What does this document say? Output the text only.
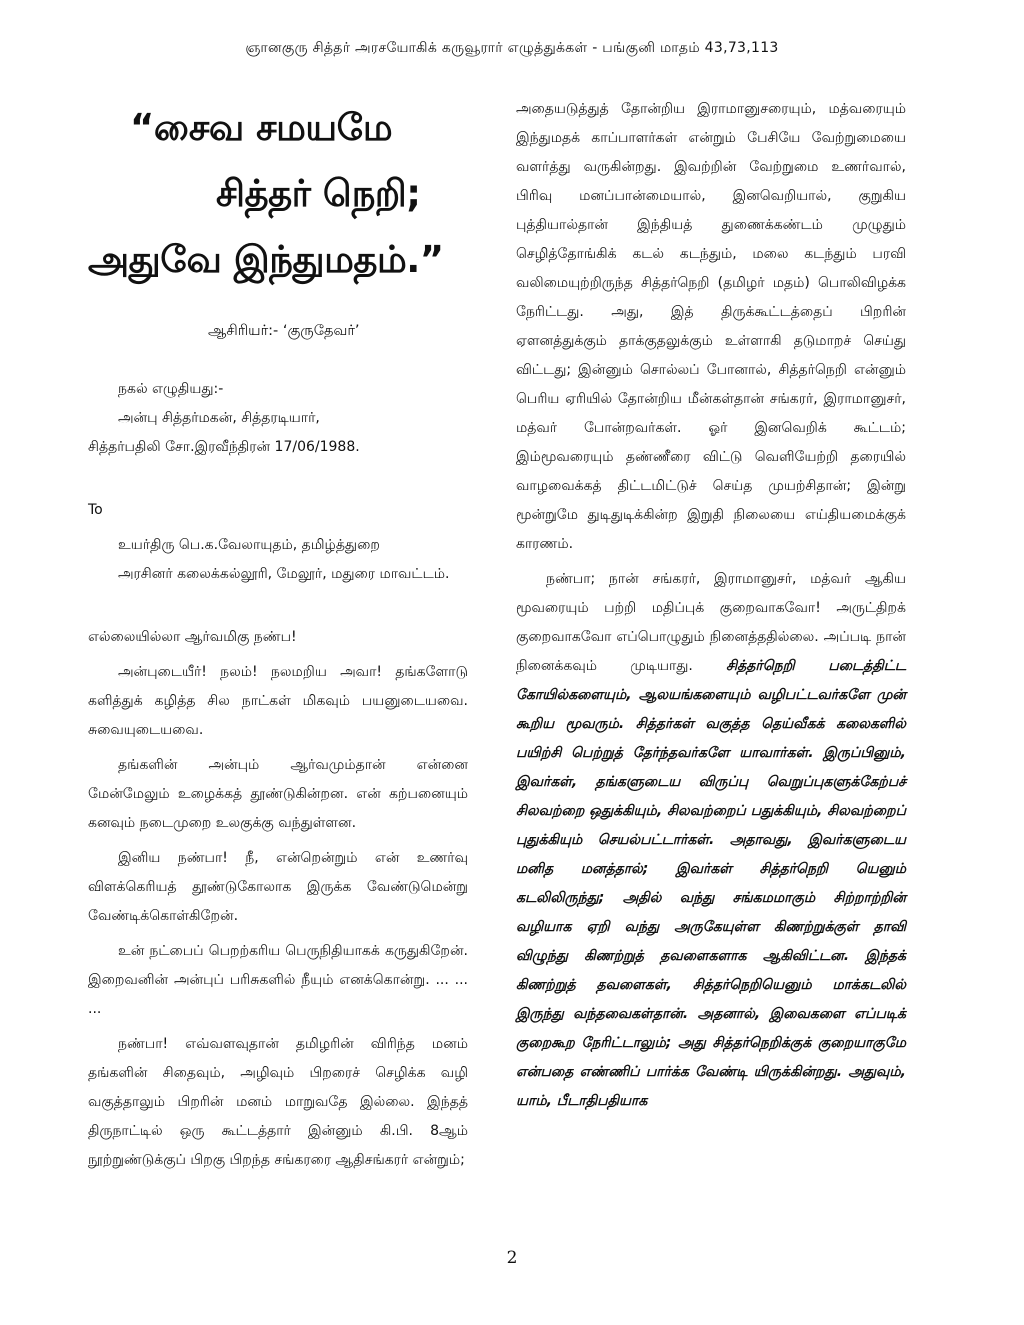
ஞானகுரு சித்தர் அரசயோகிக் கருவூரார் எழுத்துக்கள் - பங்குனி மாதம் 43,73,113
“சைவ சமயமே
சித்தர் நெறி;
அதுவே இந்துமதம்.”
ஆசிரியர்:- ‘குருதேவர்’

நகல் எழுதியது:-

அன்பு சித்தர்மகன், சித்தரடியார்,

சித்தர்பதிலி சோ.இரவீந்திரன் 17/06/1988.

To

உயர்திரு பெ.க.வேலாயுதம், தமிழ்த்துறை

அரசினர் கலைக்கல்லூரி, மேலூர், மதுரை மாவட்டம்.

எல்லையில்லா ஆர்வமிகு நண்ப!

அன்புடையீர்! நலம்! நலமறிய அவா! தங்களோடு களித்துக் கழித்த சில நாட்கள் மிகவும் பயனுடையவை. சுவையுடையவை.

தங்களின் அன்பும் ஆர்வமும்தான் என்னை மேன்மேலும் உழைக்கத் தூண்டுகின்றன. என் கற்பனையும் கனவும் நடைமுறை உலகுக்கு வந்துள்ளன.

இனிய நண்பா! நீ, என்றென்றும் என் உணர்வு விளக்கெரியத் தூண்டுகோலாக இருக்க வேண்டுமென்று வேண்டிக்கொள்கிறேன்.

உன் நட்பைப் பெறற்கரிய பெருநிதியாகக் கருதுகிறேன். இறைவனின் அன்புப் பரிசுகளில் நீயும் எனக்கொன்று. ... ... ...

நண்பா! எவ்வளவுதான் தமிழரின் விரிந்த மனம் தங்களின் சிதைவும், அழிவும் பிறரைச் செழிக்க வழி வகுத்தாலும் பிறரின் மனம் மாறுவதே இல்லை. இந்தத் திருநாட்டில் ஒரு கூட்டத்தார் இன்னும் கி.பி. 8ஆம் நூற்றுண்டுக்குப் பிறகு பிறந்த சங்கரரை ஆதிசங்கரர் என்றும்;

அதையடுத்துத் தோன்றிய இராமானுசரையும், மத்வரையும் இந்துமதக் காப்பாளர்கள் என்றும் பேசியே வேற்றுமையை வளர்த்து வருகின்றது. இவற்றின் வேற்றுமை உணர்வால், பிரிவு மனப்பான்மையால், இனவெறியால், குறுகிய புத்தியால்தான் இந்தியத் துணைக்கண்டம் முழுதும் செழித்தோங்கிக் கடல் கடந்தும், மலை கடந்தும் பரவி வலிமையுற்றிருந்த சித்தர்நெறி (தமிழர் மதம்) பொலிவிழக்க நேரிட்டது. அது, இத் திருக்கூட்டத்தைப் பிறரின் ஏளனத்துக்கும் தாக்குதலுக்கும் உள்ளாகி தடுமாறச் செய்து விட்டது; இன்னும் சொல்லப் போனால், சித்தர்நெறி என்னும் பெரிய ஏரியில் தோன்றிய மீன்கள்தான் சங்கரர், இராமானுசர், மத்வர் போன்றவர்கள். ஓர் இனவெறிக் கூட்டம்; இம்மூவரையும் தண்ணீரை விட்டு வெளியேற்றி தரையில் வாழவைக்கத் திட்டமிட்டுச் செய்த முயற்சிதான்; இன்று மூன்றுமே துடிதுடிக்கின்ற இறுதி நிலையை எய்தியமைக்குக் காரணம்.

நண்பா; நான் சங்கரர், இராமானுசர், மத்வர் ஆகிய மூவரையும் பற்றி மதிப்புக் குறைவாகவோ! அருட்திறக் குறைவாகவோ எப்பொழுதும் நினைத்ததில்லை. அப்படி நான் நினைக்கவும் முடியாது. சித்தர்நெறி படைத்திட்ட கோயில்களையும், ஆலயங்களையும் வழிபட்டவர்களே முன் கூறிய மூவரும். சித்தர்கள் வகுத்த தெய்வீகக் கலைகளில் பயிற்சி பெற்றுத் தேர்ந்தவர்களே யாவார்கள். இருப்பினும், இவர்கள், தங்களுடைய விருப்பு வெறுப்புகளுக்கேற்பச் சிலவற்றை ஒதுக்கியும், சிலவற்றைப் பதுக்கியும், சிலவற்றைப் புதுக்கியும் செயல்பட்டார்கள். அதாவது, இவர்களுடைய மனித மனத்தால்; இவர்கள் சித்தர்நெறி யெனும் கடலிலிருந்து; அதில் வந்து சங்கமமாகும் சிற்றாற்றின் வழியாக ஏறி வந்து அருகேயுள்ள கிணற்றுக்குள் தாவி விழுந்து கிணற்றுத் தவளைகளாக ஆகிவிட்டன. இந்தக் கிணற்றுத் தவளைகள், சித்தர்நெறியெனும் மாக்கடலில் இருந்து வந்தவைகள்தான். அதனால், இவைகளை எப்படிக் குறைகூற நேரிட்டாலும்; அது சித்தர்நெறிக்குக் குறையாகுமே என்பதை எண்ணிப் பார்க்க வேண்டி யிருக்கின்றது. அதுவும், யாம், பீடாதிபதியாக

2
